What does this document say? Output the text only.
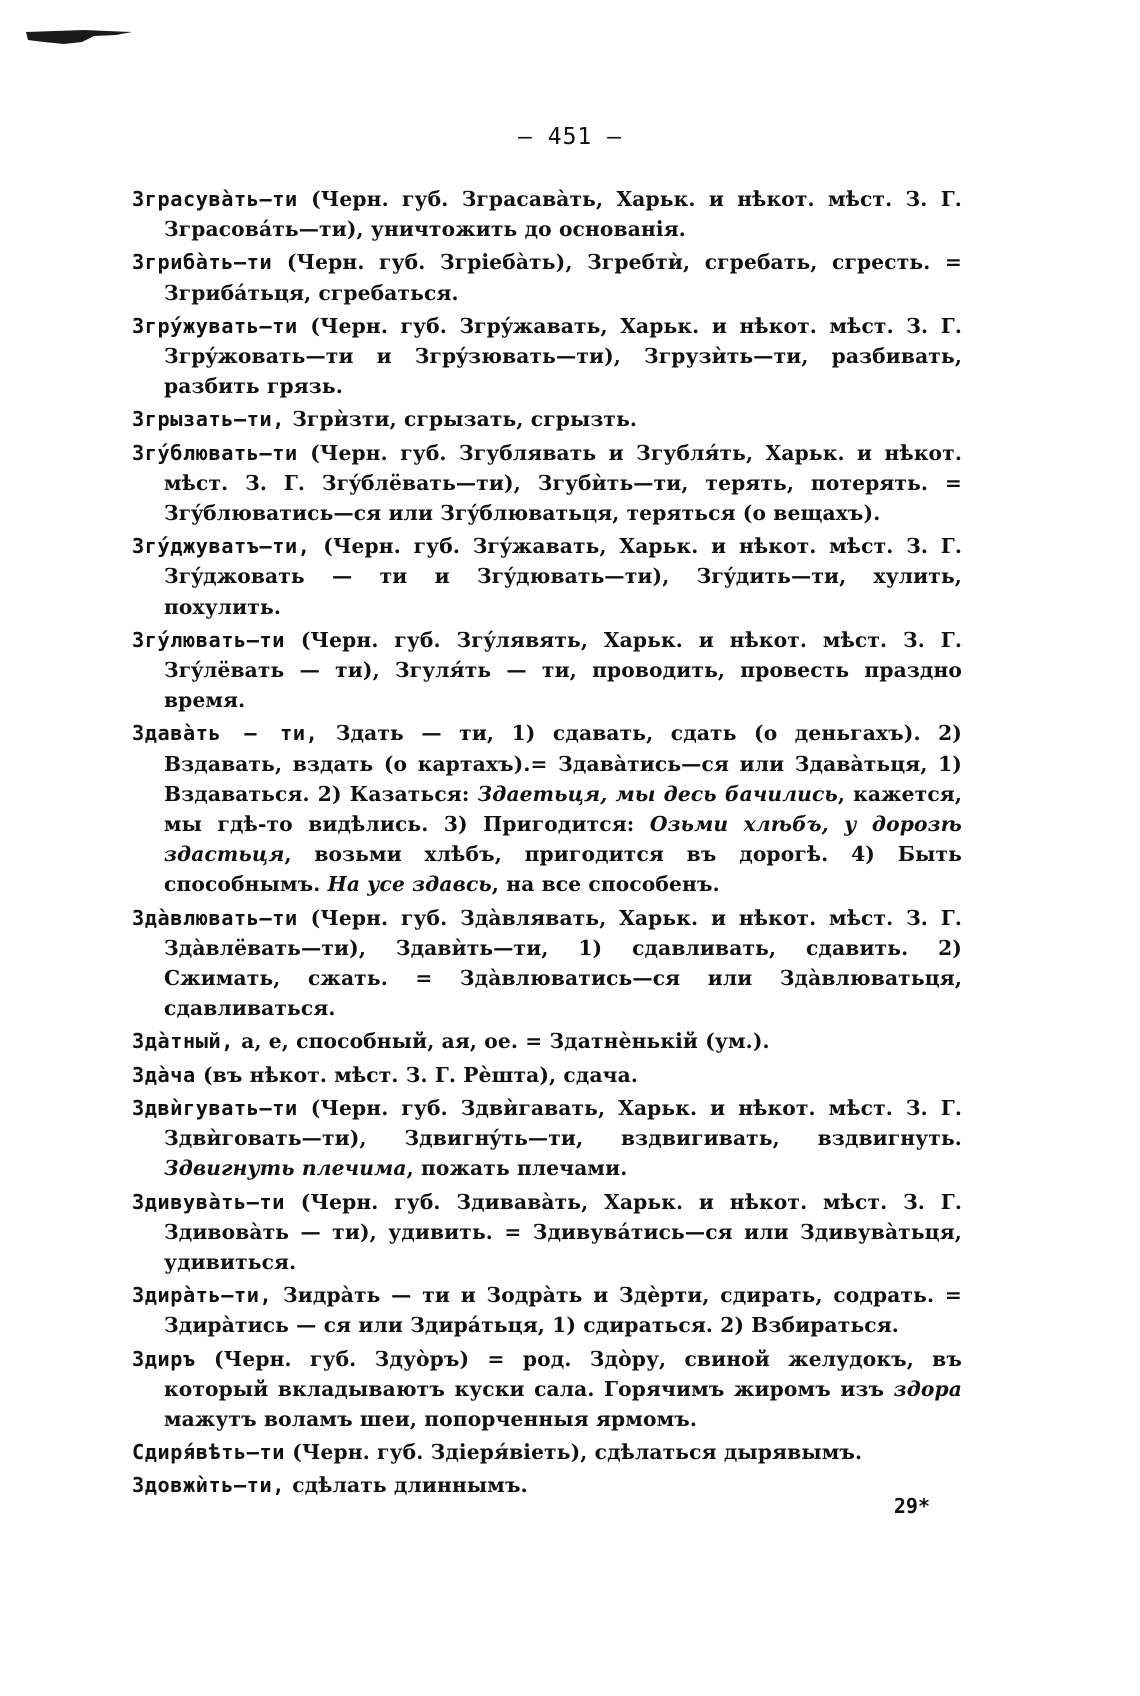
— 451 —
Зграсувàть—ти (Черн. губ. Зграсавàть, Харьк. и нѣкот. мѣст. З. Г. Зграсовáть—ти), уничтожить до основанія.
Згрибàть—ти (Черн. губ. Згріебàть), Згребтѝ, сгребать, сгресть. = Згрибáтьця, сгребаться.
Згрýжувать—ти (Черн. губ. Згрýжавать, Харьк. и нѣкот. мѣст. З. Г. Згрýжовать—ти и Згрýзювать—ти), Згрузѝть—ти, разбивать, разбить грязь.
Згрызать—ти, Згрѝзти, сгрызать, сгрызть.
Згýблювать—ти (Черн. губ. Згублявать и Згубля́ть, Харьк. и нѣкот. мѣст. З. Г. Згýблёвать—ти), Згубѝть—ти, терять, потерять. = Згýблюватись—ся или Згýблюватьця, теряться (о вещахъ).
Згýджуватъ—ти, (Черн. губ. Згýжавать, Харьк. и нѣкот. мѣст. З. Г. Згýджовать — ти и Згýдювать—ти), Згýдить—ти, хулить, похулить.
Згýлювать—ти (Черн. губ. Згýлявять, Харьк. и нѣкот. мѣст. З. Г. Згýлёвать — ти), Згуля́ть — ти, проводить, провесть праздно время.
Здавàть — ти, Здать — ти, 1) сдавать, сдать (о деньгахъ). 2) Вздавать, вздать (о картахъ).= Здавàтись—ся или Здавàтьця, 1) Вздаваться. 2) Казаться: Здаетьця, мы десь бачились, кажется, мы гдѣ-то видѣлись. 3) Пригодится: Озьми хлѣбъ, у дорозѣ здастьця, возьми хлѣбъ, пригодится въ дорогѣ. 4) Быть способнымъ. На усе здавсь, на все способенъ.
Здàвлювать—ти (Черн. губ. Здàвлявать, Харьк. и нѣкот. мѣст. З. Г. Здàвлёвать—ти), Здавѝть—ти, 1) сдавливать, сдавить. 2) Сжимать, сжать. = Здàвлюватись—ся или Здàвлюватьця, сдавливаться.
Здàтный, а, е, способный, ая, ое. = Здатнѐнькій (ум.).
Здàча (въ нѣкот. мѣст. З. Г. Рѐшта), сдача.
Здвѝгувать—ти (Черн. губ. Здвѝгавать, Харьк. и нѣкот. мѣст. З. Г. Здвѝговать—ти), Здвигнýть—ти, вздвигивать, вздвигнуть. Здвигнуть плечима, пожать плечами.
Здивувàть—ти (Черн. губ. Здивавàть, Харьк. и нѣкот. мѣст. З. Г. Здивовàть — ти), удивить. = Здивувáтись—ся или Здивувàтьця, удивиться.
Здирàть—ти, Зидрàть — ти и Зодрàть и Здѐрти, сдирать, содрать. = Здирàтись — ся или Здирáтьця, 1) сдираться. 2) Взбираться.
Здиръ (Черн. губ. Здуòръ) = род. Здòру, свиной желудокъ, въ который вкладываютъ куски сала. Горячимъ жиромъ изъ здора мажутъ воламъ шеи, попорченныя ярмомъ.
Сдиря́вѣть—ти (Черн. губ. Здіеря́віеть), сдѣлаться дырявымъ.
Здовжѝть—ти, сдѣлать длиннымъ.
29*
